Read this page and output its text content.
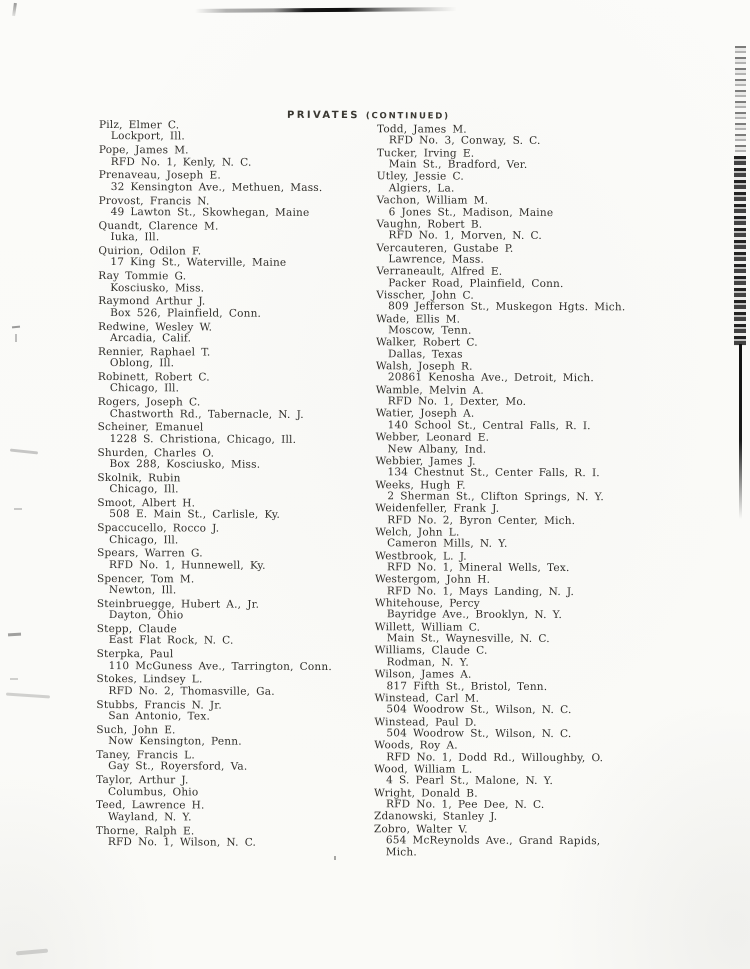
PRIVATES (CONTINUED)
Pilz, Elmer C.
Lockport, Ill.
Pope, James M.
RFD No. 1, Kenly, N. C.
Prenaveau, Joseph E.
32 Kensington Ave., Methuen, Mass.
Provost, Francis N.
49 Lawton St., Skowhegan, Maine
Quandt, Clarence M.
Iuka, Ill.
Quirion, Odilon F.
17 King St., Waterville, Maine
Ray Tommie G.
Kosciusko, Miss.
Raymond Arthur J.
Box 526, Plainfield, Conn.
Redwine, Wesley W.
Arcadia, Calif.
Rennier, Raphael T.
Oblong, Ill.
Robinett, Robert C.
Chicago, Ill.
Rogers, Joseph C.
Chastworth Rd., Tabernacle, N. J.
Scheiner, Emanuel
1228 S. Christiona, Chicago, Ill.
Shurden, Charles O.
Box 288, Kosciusko, Miss.
Skolnik, Rubin
Chicago, Ill.
Smoot, Albert H.
508 E. Main St., Carlisle, Ky.
Spaccucello, Rocco J.
Chicago, Ill.
Spears, Warren G.
RFD No. 1, Hunnewell, Ky.
Spencer, Tom M.
Newton, Ill.
Steinbruegge, Hubert A., Jr.
Dayton, Ohio
Stepp, Claude
East Flat Rock, N. C.
Sterpka, Paul
110 McGuness Ave., Tarrington, Conn.
Stokes, Lindsey L.
RFD No. 2, Thomasville, Ga.
Stubbs, Francis N. Jr.
San Antonio, Tex.
Such, John E.
Now Kensington, Penn.
Taney, Francis L.
Gay St., Royersford, Va.
Taylor, Arthur J.
Columbus, Ohio
Teed, Lawrence H.
Wayland, N. Y.
Thorne, Ralph E.
RFD No. 1, Wilson, N. C.
Todd, James M.
RFD No. 3, Conway, S. C.
Tucker, Irving E.
Main St., Bradford, Ver.
Utley, Jessie C.
Algiers, La.
Vachon, William M.
6 Jones St., Madison, Maine
Vaughn, Robert B.
RFD No. 1, Morven, N. C.
Vercauteren, Gustabe P.
Lawrence, Mass.
Verraneault, Alfred E.
Packer Road, Plainfield, Conn.
Visscher, John C.
809 Jefferson St., Muskegon Hgts. Mich.
Wade, Ellis M.
Moscow, Tenn.
Walker, Robert C.
Dallas, Texas
Walsh, Joseph R.
20861 Kenosha Ave., Detroit, Mich.
Wamble, Melvin A.
RFD No. 1, Dexter, Mo.
Watier, Joseph A.
140 School St., Central Falls, R. I.
Webber, Leonard E.
New Albany, Ind.
Webbier, James J.
134 Chestnut St., Center Falls, R. I.
Weeks, Hugh F.
2 Sherman St., Clifton Springs, N. Y.
Weidenfeller, Frank J.
RFD No. 2, Byron Center, Mich.
Welch, John L.
Cameron Mills, N. Y.
Westbrook, L. J.
RFD No. 1, Mineral Wells, Tex.
Westergom, John H.
RFD No. 1, Mays Landing, N. J.
Whitehouse, Percy
Bayridge Ave., Brooklyn, N. Y.
Willett, William C.
Main St., Waynesville, N. C.
Williams, Claude C.
Rodman, N. Y.
Wilson, James A.
817 Fifth St., Bristol, Tenn.
Winstead, Carl M.
504 Woodrow St., Wilson, N. C.
Winstead, Paul D.
504 Woodrow St., Wilson, N. C.
Woods, Roy A.
RFD No. 1, Dodd Rd., Willoughby, O.
Wood, William L.
4 S. Pearl St., Malone, N. Y.
Wright, Donald B.
RFD No. 1, Pee Dee, N. C.
Zdanowski, Stanley J.
Zobro, Walter V.
654 McReynolds Ave., Grand Rapids,
Mich.
